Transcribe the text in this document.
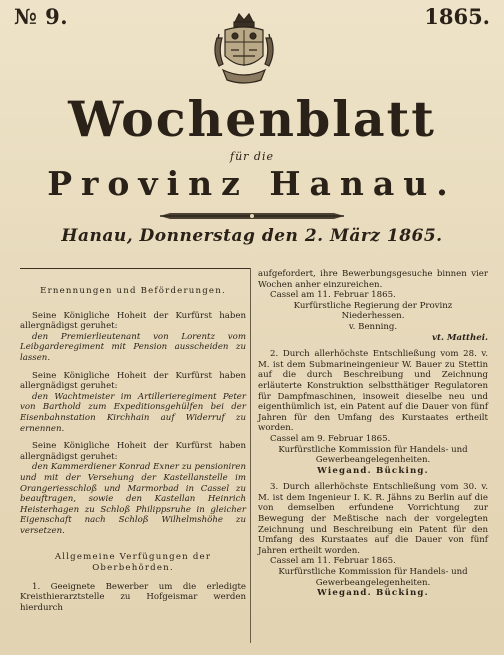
№ 9.	1865.
Wochenblatt
für die
Provinz Hanau.
Hanau, Donnerstag den 2. März 1865.

Ernennungen und Beförderungen.

Seine Königliche Hoheit der Kurfürst haben allergnädigst geruhet:

den Premierlieutenant von Lorentz vom Leibgarderegiment mit Pension ausscheiden zu lassen.

Seine Königliche Hoheit der Kurfürst haben allergnädigst geruhet:

den Wachtmeister im Artillerieregiment Peter von Barthold zum Expeditionsgehülfen bei der Eisenbahnstation Kirchhain auf Widerruf zu ernennen.

Seine Königliche Hoheit der Kurfürst haben allergnädigst geruhet:

den Kammerdiener Konrad Exner zu pensioniren und mit der Versehung der Kastellanstelle im Orangeriesschloß und Marmorbad in Cassel zu beauftragen, sowie den Kastellan Heinrich Heisterhagen zu Schloß Philippsruhe in gleicher Eigenschaft nach Schloß Wilhelmshöhe zu versetzen.

Allgemeine Verfügungen der Oberbehörden.

1. Geeignete Bewerber um die erledigte Kreisthierarztstelle zu Hofgeismar werden hierdurch

aufgefordert, ihre Bewerbungsgesuche binnen vier Wochen anher einzureichen.

Cassel am 11. Februar 1865.

Kurfürstliche Regierung der Provinz Niederhessen.

v. Benning.

vt. Matthei.

2. Durch allerhöchste Entschließung vom 28. v. M. ist dem Submarineingenieur W. Bauer zu Stettin auf die durch Beschreibung und Zeichnung erläuterte Konstruktion selbstthätiger Regulatoren für Dampfmaschinen, insoweit dieselbe neu und eigenthümlich ist, ein Patent auf die Dauer von fünf Jahren für den Umfang des Kurstaates ertheilt worden.

Cassel am 9. Februar 1865.

Kurfürstliche Kommission für Handels- und Gewerbeangelegenheiten.

Wiegand. Bücking.

3. Durch allerhöchste Entschließung vom 30. v. M. ist dem Ingenieur I. K. R. Jähns zu Berlin auf die von demselben erfundene Vorrichtung zur Bewegung der Meßtische nach der vorgelegten Zeichnung und Beschreibung ein Patent für den Umfang des Kurstaates auf die Dauer von fünf Jahren ertheilt worden.

Cassel am 11. Februar 1865.

Kurfürstliche Kommission für Handels- und Gewerbeangelegenheiten.

Wiegand. Bücking.
